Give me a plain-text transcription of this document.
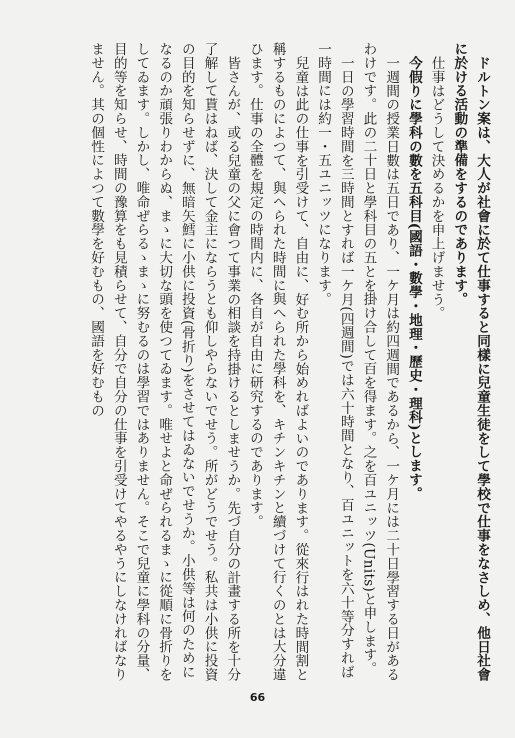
ドルトン案は、大人が社會に於て仕事すると同樣に兒童生徒をして學校で仕事をなさしめ、他日社會に於ける活動の準備をするのであります。

仕事はどうして決めるかを申上げませう。

今假りに學科の數を五科目(國語・數學・地理・歷史・理科)とします。

一週間の授業日數は五日であり、一ケ月は約四週間であるから、一ケ月には二十日學習する日があるわけです。此の二十日と學科目の五とを掛け合して百を得ます。之を百ユニッツ(Units)と申します。

一日の學習時間を三時間とすれば一ケ月(四週間)では六十時間となり、百ユニットを六十等分すれば一時間には約一・五ユニッツになります。

兒童は此の仕事を引受けて、自由に、好む所から始めればよいのであります。從來行はれた時間割と稱するものによつて、與へられた時間に與へられた學科を、キチンキチンと續づけて行くのとは大分違ひます。仕事の全體を規定の時間内に、各自が自由に研究するのであります。

皆さんが、或る兒童の父に會つて事業の相談を持掛けるとしませうか。先づ自分の計畫する所を十分了解して貰はねば、決して金主にならうとも仰しやらないでせう。所がどうでせう。私共は小供に投資の目的を知らせずに、無暗矢鱈に小供に投資(骨折り)をさせてはゐないでせうか。小供等は何のためになるのか頑張りわからぬ、まゝに大切な頭を使つてゐます。唯せよと命ぜられるまゝに從順に骨折りをしてゐます。しかし、唯命ぜらるゝまゝに努むるのは學習ではありません。そこで兒童に學科の分量、目的等を知らせ、時間の豫算をも見積らせて、自分で自分の仕事を引受けてやるやうにしなければなりません。其の個性によつて數學を好むもの、國語を好むもの

66
